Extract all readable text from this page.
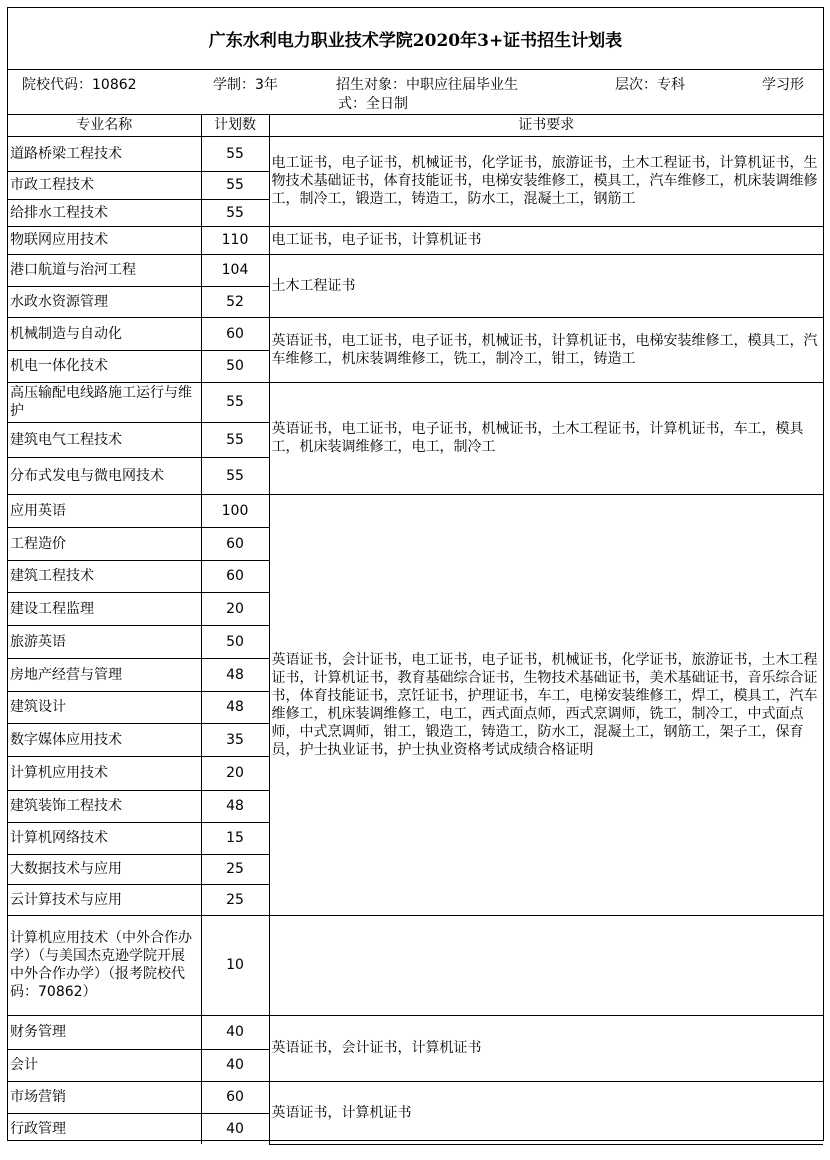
广东水利电力职业技术学院2020年3+证书招生计划表
院校代码：10862	学制：3年	招生对象：中职应往届毕业生	层次：专科	学习形
式：全日制
专业名称	计划数	证书要求
道路桥梁工程技术	55	电工证书，电子证书，机械证书，化学证书，旅游证书，土木工程证书，计算机证书，生物技术基础证书，体育技能证书，电梯安装维修工，模具工，汽车维修工，机床装调维修工，制冷工，锻造工，铸造工，防水工，混凝土工，钢筋工
市政工程技术	55	
给排水工程技术	55	
物联网应用技术	110	电工证书，电子证书，计算机证书
港口航道与治河工程	104	土木工程证书
水政水资源管理	52	
机械制造与自动化	60	英语证书，电工证书，电子证书，机械证书，计算机证书，电梯安装维修工，模具工，汽车维修工，机床装调维修工，铣工，制冷工，钳工，铸造工
机电一体化技术	50	
高压输配电线路施工运行与维护	55	英语证书，电工证书，电子证书，机械证书，土木工程证书，计算机证书，车工，模具工，机床装调维修工，电工，制冷工
建筑电气工程技术	55	
分布式发电与微电网技术	55	
应用英语	100	英语证书，会计证书，电工证书，电子证书，机械证书，化学证书，旅游证书，土木工程证书，计算机证书，教育基础综合证书，生物技术基础证书，美术基础证书，音乐综合证书，体育技能证书，烹饪证书，护理证书，车工，电梯安装维修工，焊工，模具工，汽车维修工，机床装调维修工，电工，西式面点师，西式烹调师，铣工，制冷工，中式面点师，中式烹调师，钳工，锻造工，铸造工，防水工，混凝土工，钢筋工，架子工，保育员，护士执业证书，护士执业资格考试成绩合格证明
工程造价	60	
建筑工程技术	60	
建设工程监理	20	
旅游英语	50	
房地产经营与管理	48	
建筑设计	48	
数字媒体应用技术	35	
计算机应用技术	20	
建筑装饰工程技术	48	
计算机网络技术	15	
大数据技术与应用	25	
云计算技术与应用	25	
计算机应用技术（中外合作办学）（与美国杰克逊学院开展中外合作办学）（报考院校代码：70862）	10	
财务管理	40	英语证书，会计证书，计算机证书
会计	40	
市场营销	60	英语证书，计算机证书
行政管理	40	
